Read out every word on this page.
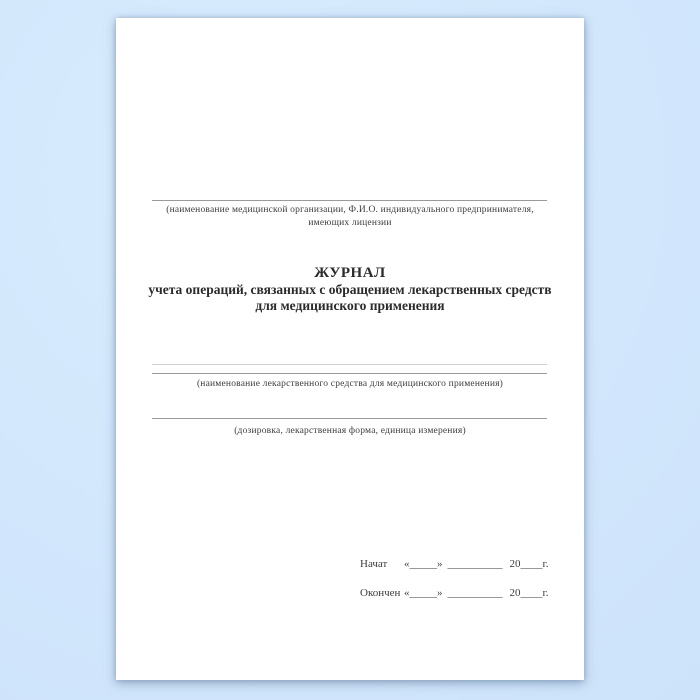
(наименование медицинской организации, Ф.И.О. индивидуального предпринимателя,
имеющих лицензии
ЖУРНАЛ
учета операций, связанных с обращением лекарственных средств
для медицинского применения
(наименование лекарственного средства для медицинского применения)
(дозировка, лекарственная форма, единица измерения)
Начат	«_____» __________ 20____г.
Окончен «_____» __________ 20____г.
